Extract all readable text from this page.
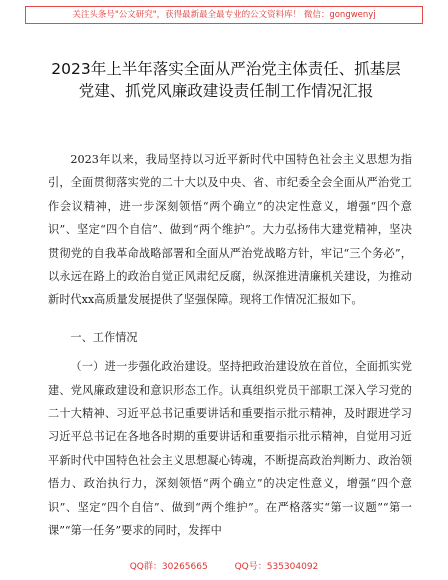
关注头条号"公文研究"，获得最新最全最专业的公文资料库！ 微信：gongwenyj
2023年上半年落实全面从严治党主体责任、抓基层党建、抓党风廉政建设责任制工作情况汇报

2023年以来，我局坚持以习近平新时代中国特色社会主义思想为指引，全面贯彻落实党的二十大以及中央、省、市纪委全会全面从严治党工作会议精神，进一步深刻领悟“两个确立”的决定性意义，增强“四个意识”、坚定“四个自信”、做到“两个维护”。大力弘扬伟大建党精神，坚决贯彻党的自我革命战略部署和全面从严治党战略方针，牢记“三个务必”，以永远在路上的政治自觉正风肃纪反腐，纵深推进清廉机关建设，为推动新时代xx高质量发展提供了坚强保障。现将工作情况汇报如下。

一、工作情况

（一）进一步强化政治建设。坚持把政治建设放在首位，全面抓实党建、党风廉政建设和意识形态工作。认真组织党员干部职工深入学习党的二十大精神、习近平总书记重要讲话和重要指示批示精神，及时跟进学习习近平总书记在各地各时期的重要讲话和重要指示批示精神，自觉用习近平新时代中国特色社会主义思想凝心铸魂，不断提高政治判断力、政治领悟力、政治执行力，深刻领悟“两个确立”的决定性意义，增强“四个意识”、坚定“四个自信”、做到“两个维护”。在严格落实“第一议题”“第一课”“第一任务”要求的同时，发挥中

QQ群：30265665	QQ号：535304092
